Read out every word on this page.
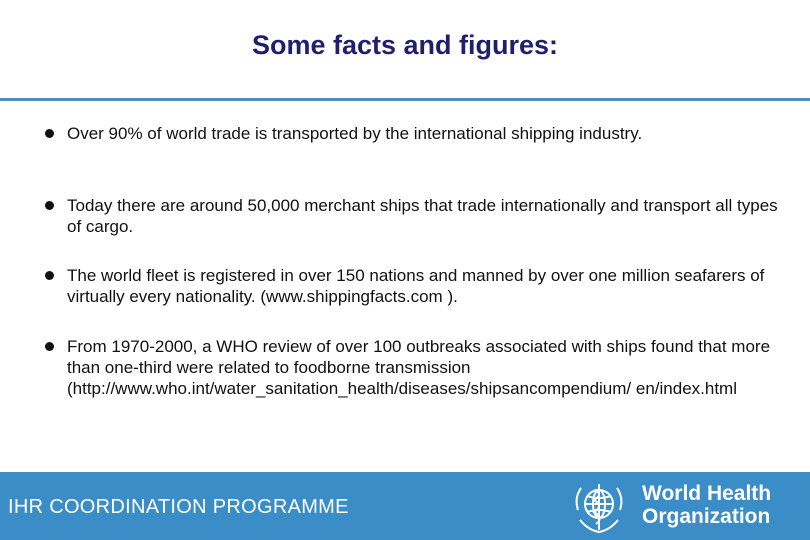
Some facts and figures:
Over 90% of world trade is transported by the international shipping industry.
Today there are around 50,000 merchant ships that trade internationally and transport all types of cargo.
The world fleet is registered in over 150 nations and manned by over one million seafarers of virtually every nationality. (www.shippingfacts.com ).
From 1970-2000, a WHO review of over 100 outbreaks associated with ships found that more than one-third were related to foodborne transmission (http://www.who.int/water_sanitation_health/diseases/shipsancompendium/ en/index.html
IHR COORDINATION PROGRAMME
World Health
Organization
